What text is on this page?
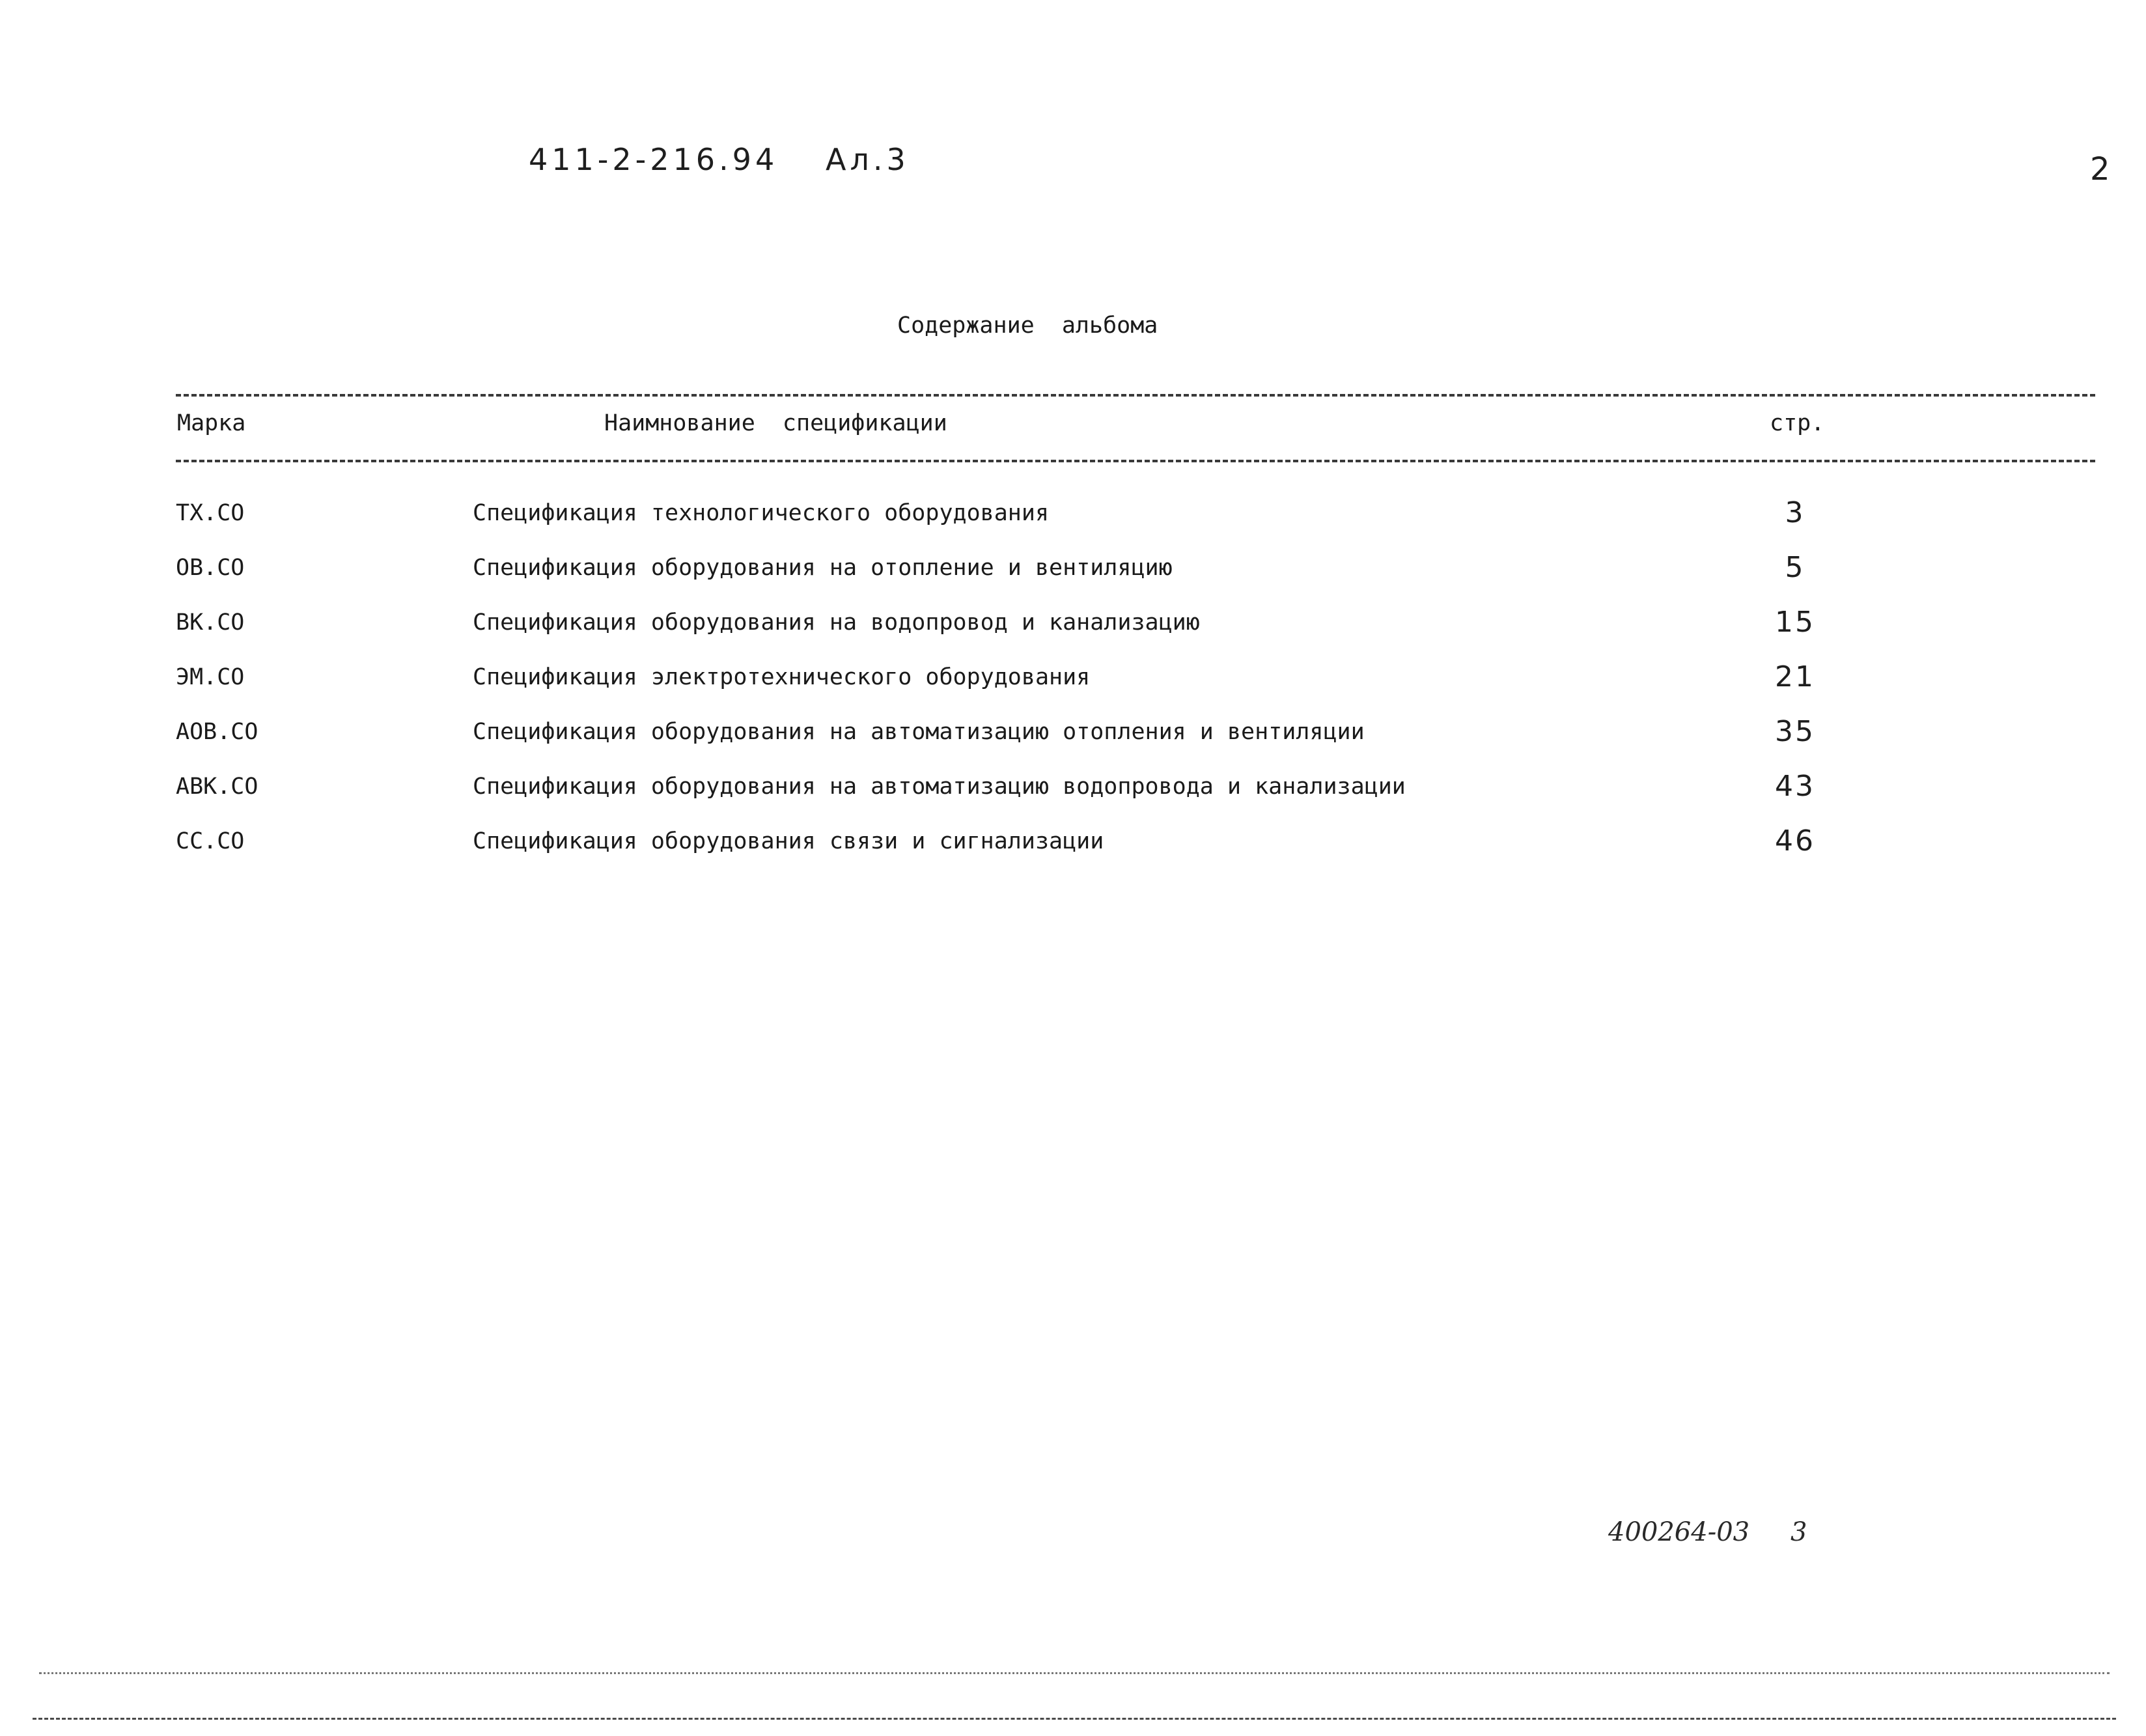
411-2-216.94 Ал.3	2
Содержание  альбома
Марка	Наимнование  спецификации	стр.
ТХ.СО	Спецификация технологического оборудования	3
ОВ.СО	Спецификация оборудования на отопление и вентиляцию	5
ВК.СО	Спецификация оборудования на водопровод и канализацию	15
ЭМ.СО	Спецификация электротехнического оборудования	21
АОВ.СО	Спецификация оборудования на автоматизацию отопления и вентиляции	35
АВК.СО	Спецификация оборудования на автоматизацию водопровода и канализации	43
СС.СО	Спецификация оборудования связи и сигнализации	46
400264-03 3
